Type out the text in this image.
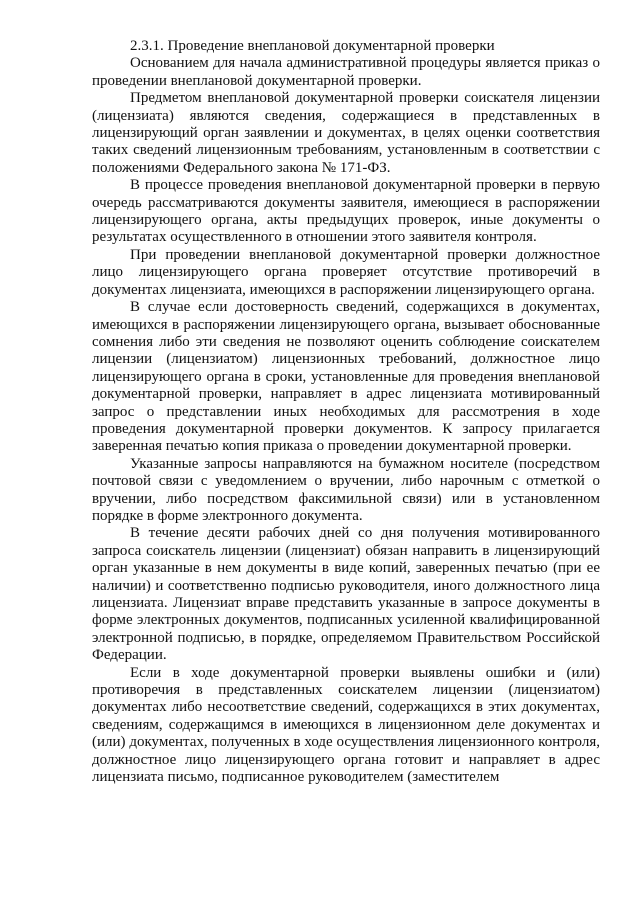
2.3.1. Проведение внеплановой документарной проверки

Основанием для начала административной процедуры является приказ о проведении внеплановой документарной проверки.

Предметом внеплановой документарной проверки соискателя лицензии (лицензиата) являются сведения, содержащиеся в представленных в лицензирующий орган заявлении и документах, в целях оценки соответствия таких сведений лицензионным требованиям, установленным в соответствии с положениями Федерального закона № 171-ФЗ.

В процессе проведения внеплановой документарной проверки в первую очередь рассматриваются документы заявителя, имеющиеся в распоряжении лицензирующего органа, акты предыдущих проверок, иные документы о результатах осуществленного в отношении этого заявителя контроля.

При проведении внеплановой документарной проверки должностное лицо лицензирующего органа проверяет отсутствие противоречий в документах лицензиата, имеющихся в распоряжении лицензирующего органа.

В случае если достоверность сведений, содержащихся в документах, имеющихся в распоряжении лицензирующего органа, вызывает обоснованные сомнения либо эти сведения не позволяют оценить соблюдение соискателем лицензии (лицензиатом) лицензионных требований, должностное лицо лицензирующего органа в сроки, установленные для проведения внеплановой документарной проверки, направляет в адрес лицензиата мотивированный запрос о представлении иных необходимых для рассмотрения в ходе проведения документарной проверки документов. К запросу прилагается заверенная печатью копия приказа о проведении документарной проверки.

Указанные запросы направляются на бумажном носителе (посредством почтовой связи с уведомлением о вручении, либо нарочным с отметкой о вручении, либо посредством факсимильной связи) или в установленном порядке в форме электронного документа.

В течение десяти рабочих дней со дня получения мотивированного запроса соискатель лицензии (лицензиат) обязан направить в лицензирующий орган указанные в нем документы в виде копий, заверенных печатью (при ее наличии) и соответственно подписью руководителя, иного должностного лица лицензиата. Лицензиат вправе представить указанные в запросе документы в форме электронных документов, подписанных усиленной квалифицированной электронной подписью, в порядке, определяемом Правительством Российской Федерации.

Если в ходе документарной проверки выявлены ошибки и (или) противоречия в представленных соискателем лицензии (лицензиатом) документах либо несоответствие сведений, содержащихся в этих документах, сведениям, содержащимся в имеющихся в лицензионном деле документах и (или) документах, полученных в ходе осуществления лицензионного контроля, должностное лицо лицензирующего органа готовит и направляет в адрес лицензиата письмо, подписанное руководителем (заместителем
